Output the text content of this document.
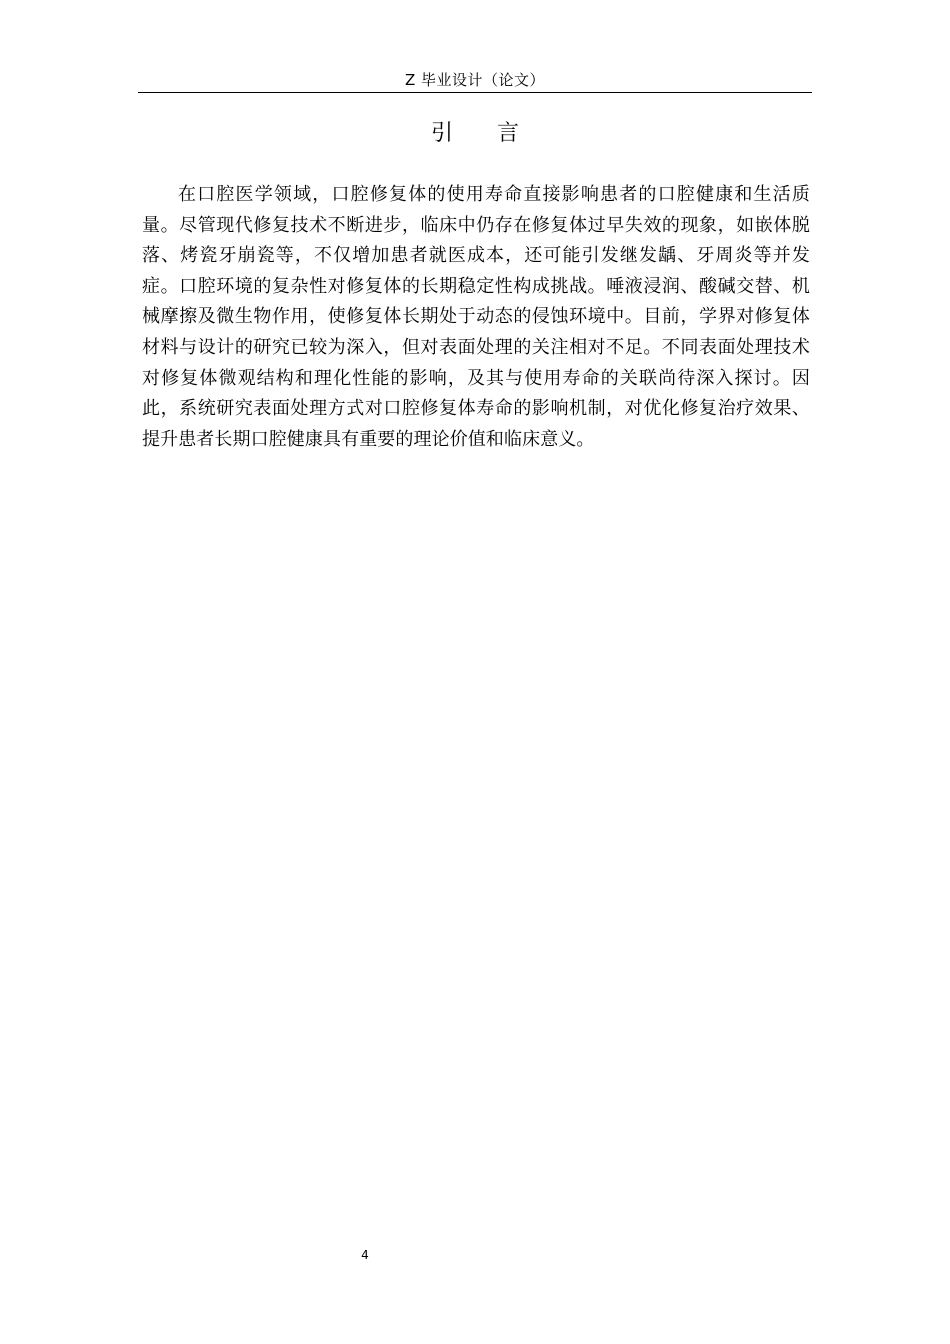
Z 毕业设计（论文）
引言

在口腔医学领域，口腔修复体的使用寿命直接影响患者的口腔健康和生活质量。尽管现代修复技术不断进步，临床中仍存在修复体过早失效的现象，如嵌体脱落、烤瓷牙崩瓷等，不仅增加患者就医成本，还可能引发继发龋、牙周炎等并发症。口腔环境的复杂性对修复体的长期稳定性构成挑战。唾液浸润、酸碱交替、机械摩擦及微生物作用，使修复体长期处于动态的侵蚀环境中。目前，学界对修复体材料与设计的研究已较为深入，但对表面处理的关注相对不足。不同表面处理技术对修复体微观结构和理化性能的影响，及其与使用寿命的关联尚待深入探讨。因此，系统研究表面处理方式对口腔修复体寿命的影响机制，对优化修复治疗效果、提升患者长期口腔健康具有重要的理论价值和临床意义。

4
